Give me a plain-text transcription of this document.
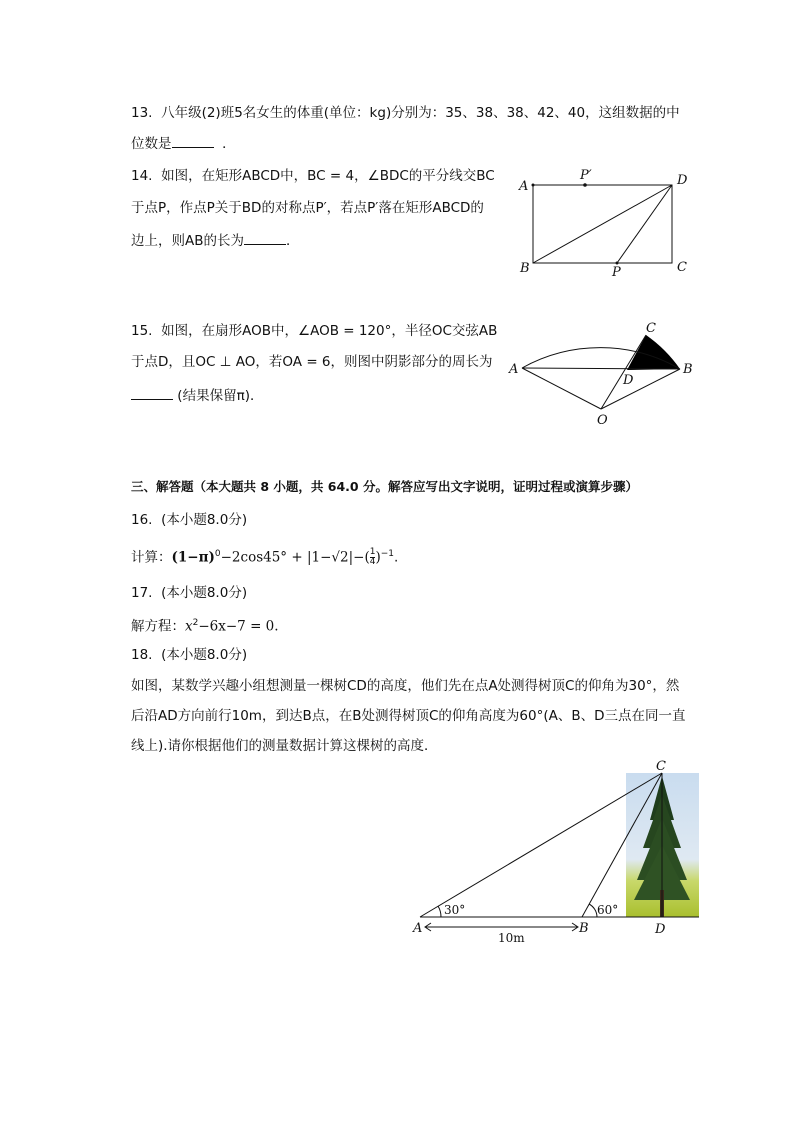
13. 八年级(2)班5名女生的体重(单位：kg)分别为：35、38、38、42、40，这组数据的中
位数是	．
14. 如图，在矩形ABCD中，BC = 4，∠BDC的平分线交BC
于点P，作点P关于BD的对称点P′，若点P′落在矩形ABCD的
边上，则AB的长为	．
A
P′	D
B	P	C
15. 如图，在扇形AOB中，∠AOB = 120°，半径OC交弦AB
于点D，且OC ⊥ AO，若OA = 6，则图中阴影部分的周长为
(结果保留π)．
C
A
D
B
O
三、解答题（本大题共 8 小题，共 64.0 分。解答应写出文字说明，证明过程或演算步骤）
16. (本小题8.0分)
计算：$(1-\pi)^0-2\cos 45^\circ + |1-√2|-( \frac{1}{4} )^{-1}$.
17. (本小题8.0分)
解方程：$x^2-6x-7 = 0$.
18. (本小题8.0分)
如图，某数学兴趣小组想测量一棵树CD的高度，他们先在点A处测得树顶C的仰角为30°，然
后沿AD方向前行10m，到达B点，在B处测得树顶C的仰角高度为60°(A、B、D三点在同一直
线上).请你根据他们的测量数据计算这棵树的高度．
C
A	B	D
30°	60°
10m
